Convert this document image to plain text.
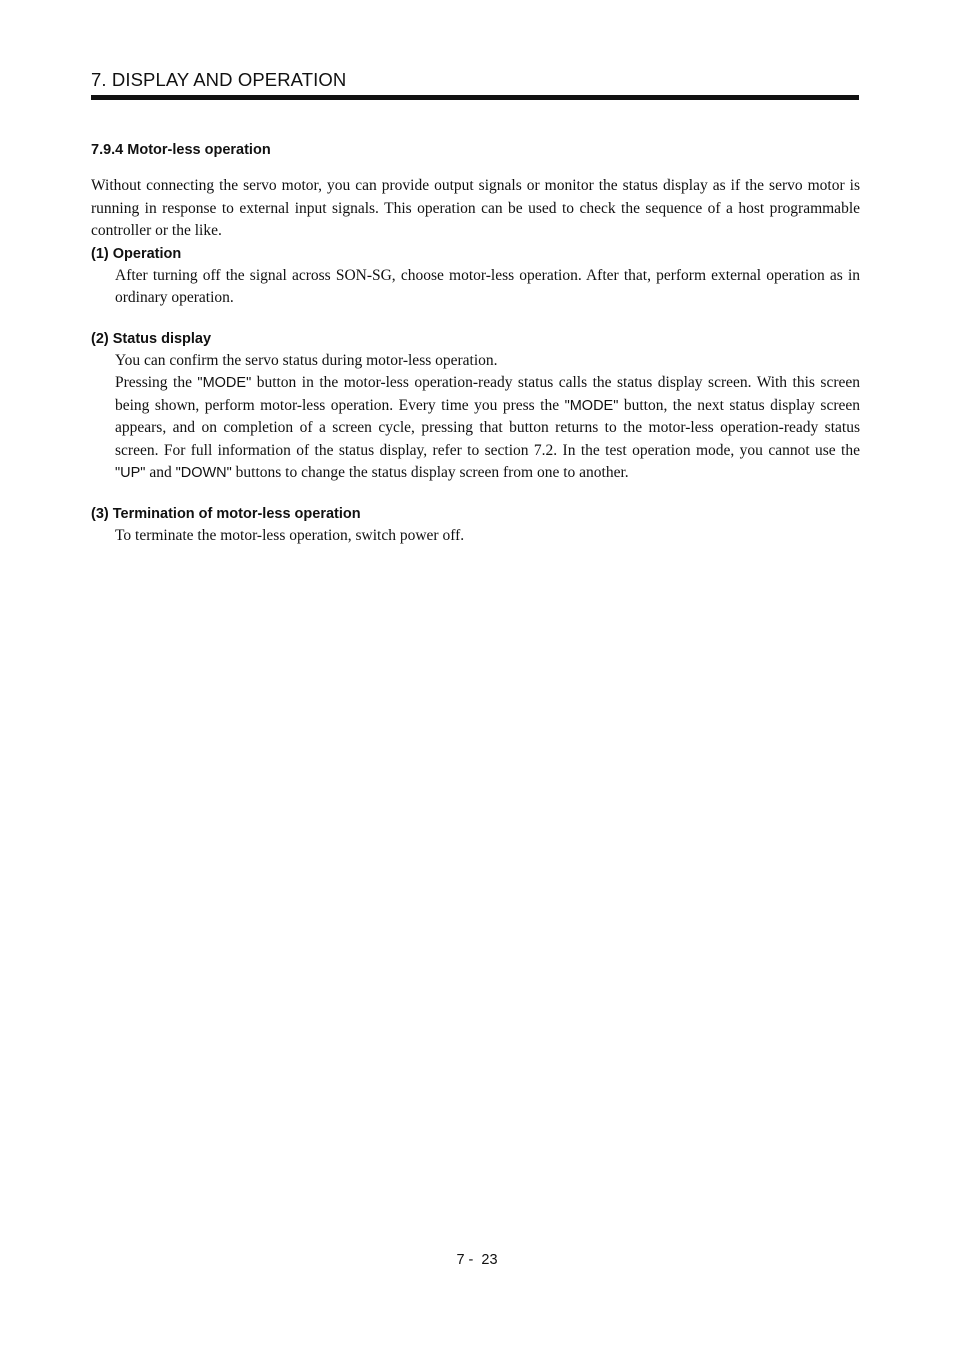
7. DISPLAY AND OPERATION
7.9.4 Motor-less operation

Without connecting the servo motor, you can provide output signals or monitor the status display as if the servo motor is running in response to external input signals. This operation can be used to check the sequence of a host programmable controller or the like.

(1) Operation

After turning off the signal across SON-SG, choose motor-less operation. After that, perform external operation as in ordinary operation.

(2) Status display

You can confirm the servo status during motor-less operation.

Pressing the "MODE" button in the motor-less operation-ready status calls the status display screen. With this screen being shown, perform motor-less operation. Every time you press the "MODE" button, the next status display screen appears, and on completion of a screen cycle, pressing that button returns to the motor-less operation-ready status screen. For full information of the status display, refer to section 7.2. In the test operation mode, you cannot use the "UP" and "DOWN" buttons to change the status display screen from one to another.

(3) Termination of motor-less operation

To terminate the motor-less operation, switch power off.

7 -  23
